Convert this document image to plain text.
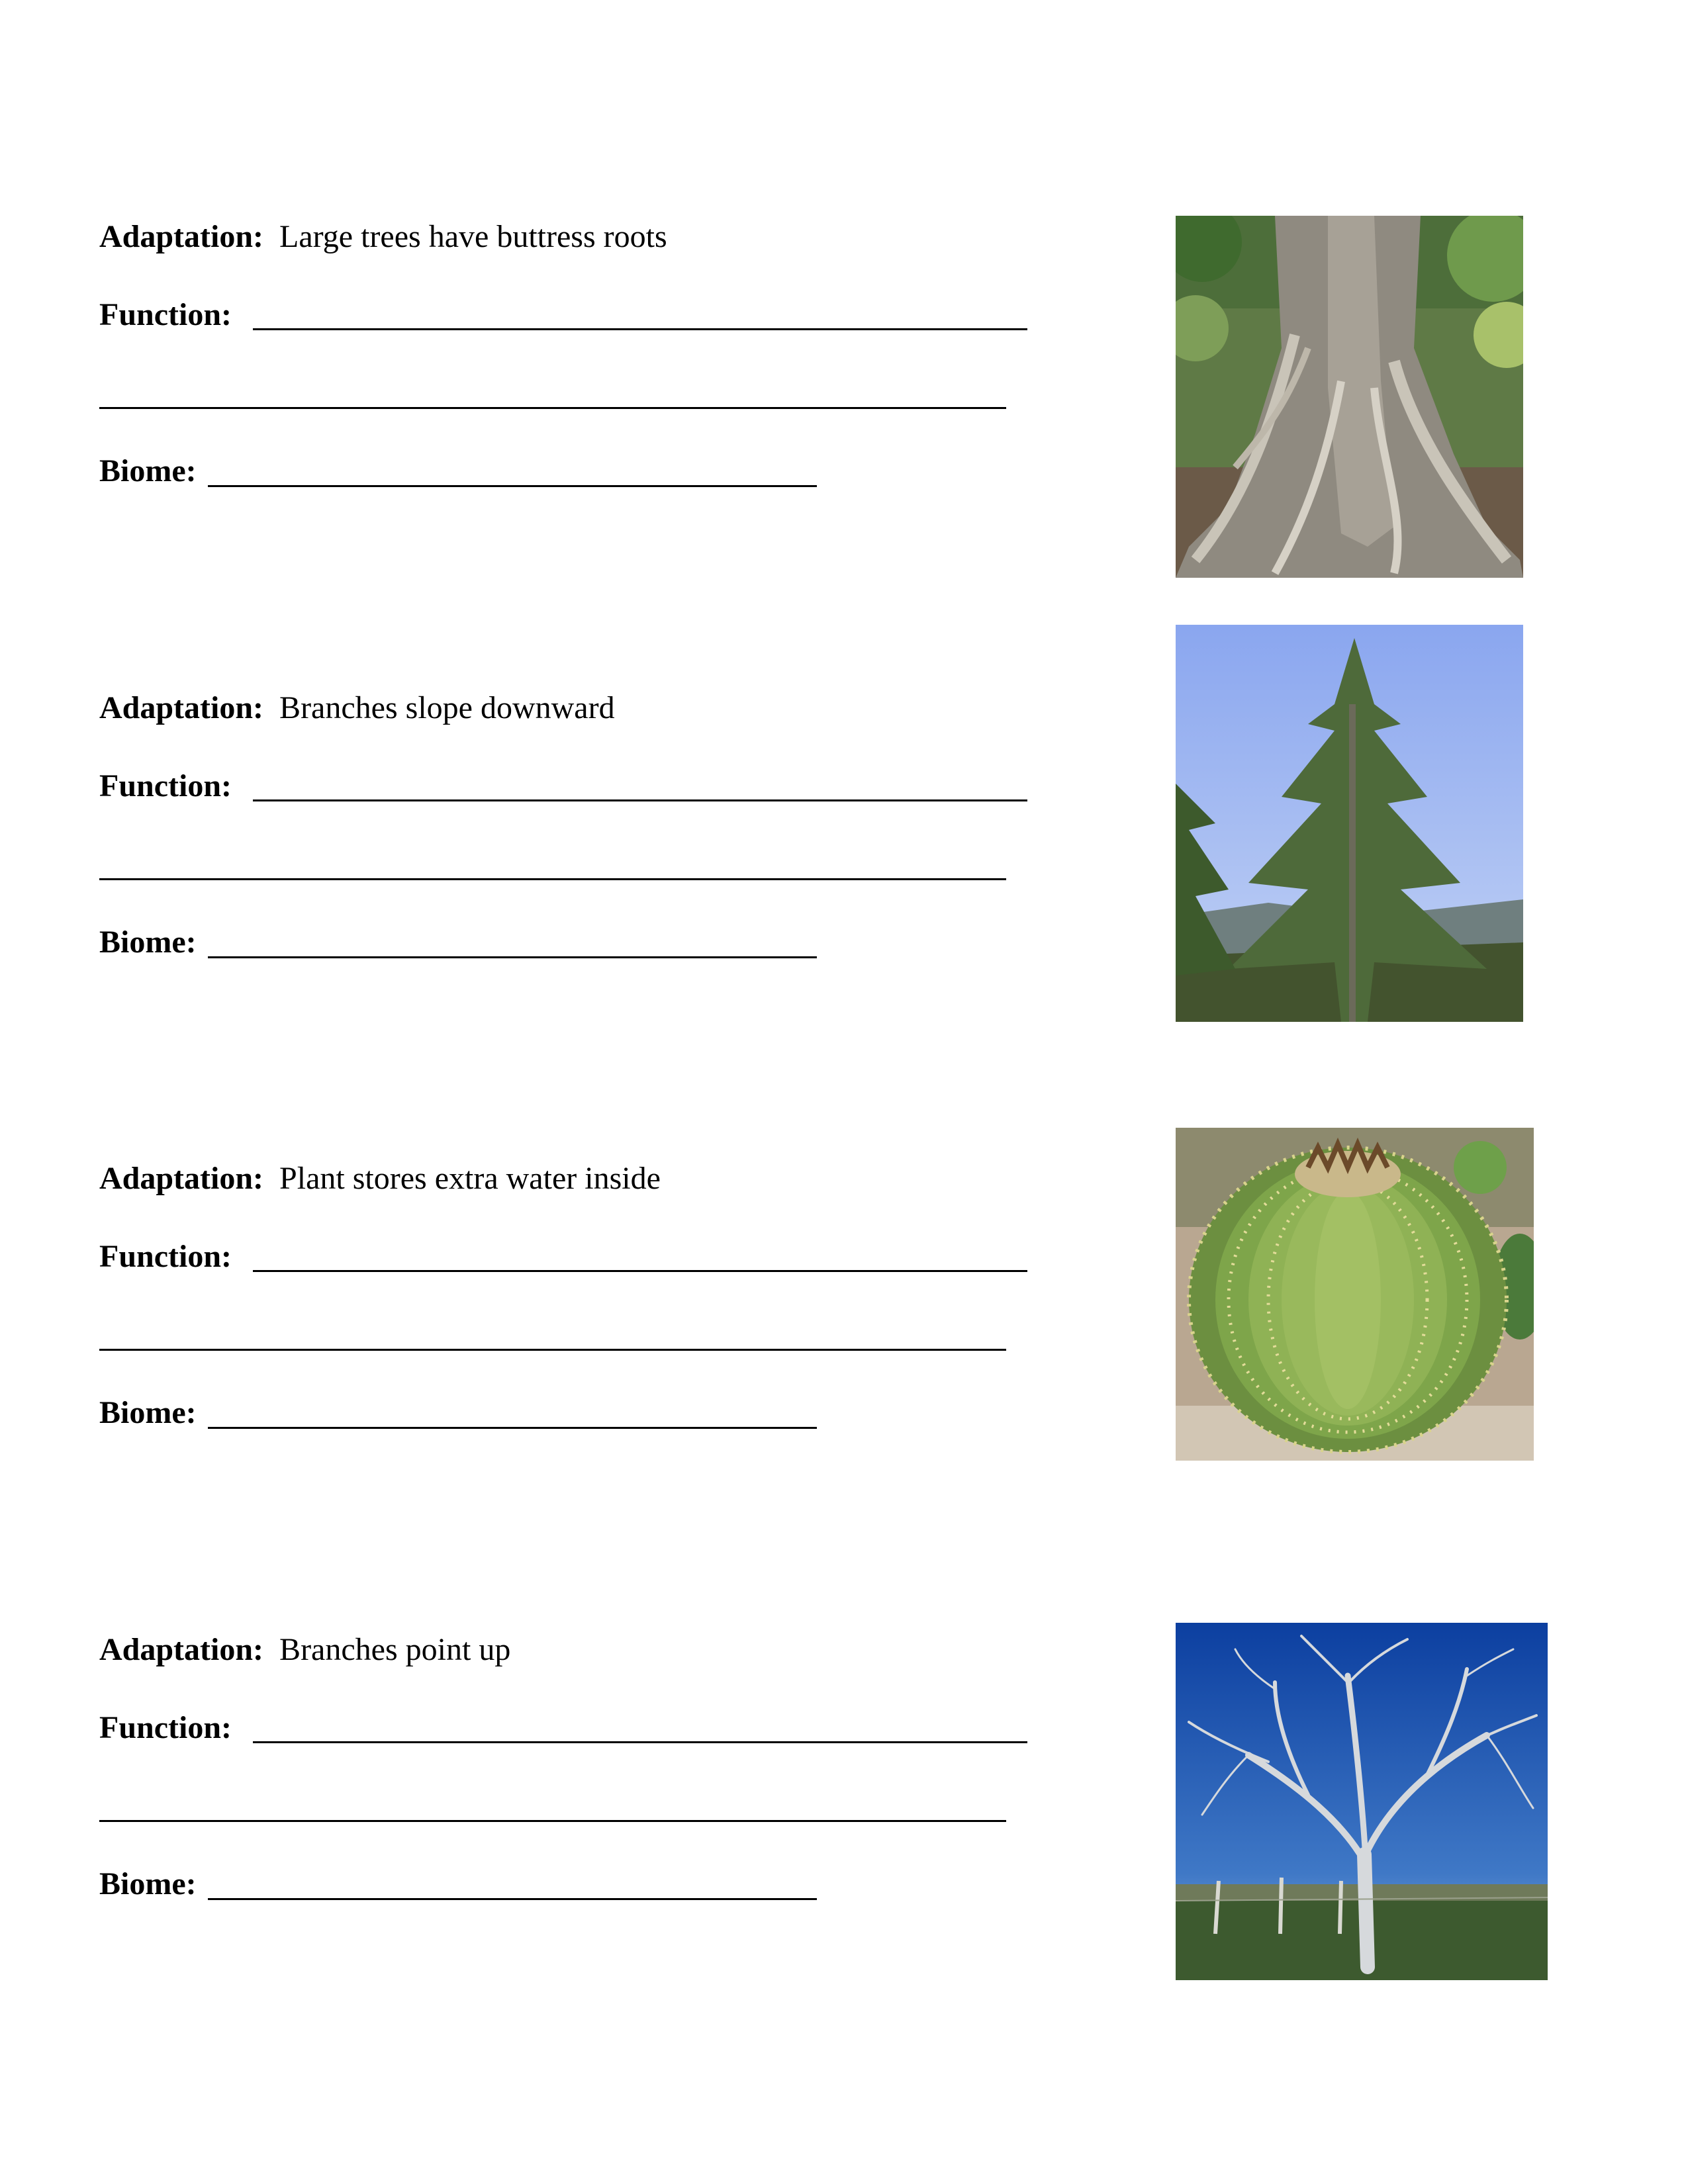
Adaptation: Large trees have buttress roots
Function:
Biome:
Adaptation: Branches slope downward
Function:
Biome:
Adaptation: Plant stores extra water inside
Function:
Biome:
Adaptation: Branches point up
Function:
Biome:
